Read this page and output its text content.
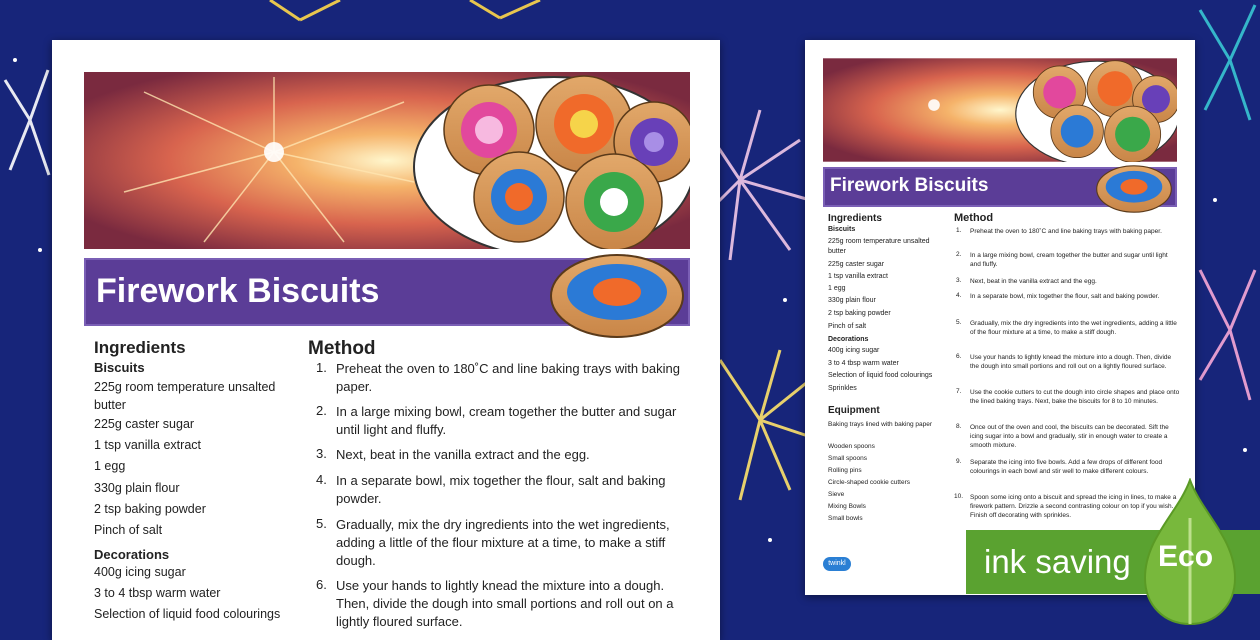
Firework Biscuits
Ingredients
Biscuits
225g room temperature unsalted butter
225g caster sugar
1 tsp vanilla extract
1 egg
330g plain flour
2 tsp baking powder
Pinch of salt
Decorations
400g icing sugar
3 to 4 tbsp warm water
Selection of liquid food colourings
Method
1. Preheat the oven to 180˚C and line baking trays with baking paper.
2. In a large mixing bowl, cream together the butter and sugar until light and fluffy.
3. Next, beat in the vanilla extract and the egg.
4. In a separate bowl, mix together the flour, salt and baking powder.
5. Gradually, mix the dry ingredients into the wet ingredients, adding a little of the flour mixture at a time, to make a stiff dough.
6. Use your hands to lightly knead the mixture into a dough. Then, divide the dough into small portions and roll out on a lightly floured surface.
Firework Biscuits
Ingredients
Biscuits
225g room temperature unsalted butter
225g caster sugar
1 tsp vanilla extract
1 egg
330g plain flour
2 tsp baking powder
Pinch of salt
Decorations
400g icing sugar
3 to 4 tbsp warm water
Selection of liquid food colourings
Sprinkles
Equipment
Baking trays lined with baking paper
Wooden spoons
Small spoons
Rolling pins
Circle-shaped cookie cutters
Sieve
Mixing Bowls
Small bowls
Method
1. Preheat the oven to 180˚C and line baking trays with baking paper.
2. In a large mixing bowl, cream together the butter and sugar until light and fluffy.
3. Next, beat in the vanilla extract and the egg.
4. In a separate bowl, mix together the flour, salt and baking powder.
5. Gradually, mix the dry ingredients into the wet ingredients, adding a little of the flour mixture at a time, to make a stiff dough.
6. Use your hands to lightly knead the mixture into a dough. Then, divide the dough into small portions and roll out on a lightly floured surface.
7. Use the cookie cutters to cut the dough into circle shapes and place onto the lined baking trays. Next, bake the biscuits for 8 to 10 minutes.
8. Once out of the oven and cool, the biscuits can be decorated. Sift the icing sugar into a bowl and gradually, stir in enough water to create a smooth mixture.
9. Separate the icing into five bowls. Add a few drops of different food colourings in each bowl and stir well to make different colours.
10. Spoon some icing onto a biscuit and spread the icing in lines, to make a firework pattern. Drizzle a second contrasting colour on top if you wish. Finish off decorating with sprinkles.
twinkl	ink saving Eco
